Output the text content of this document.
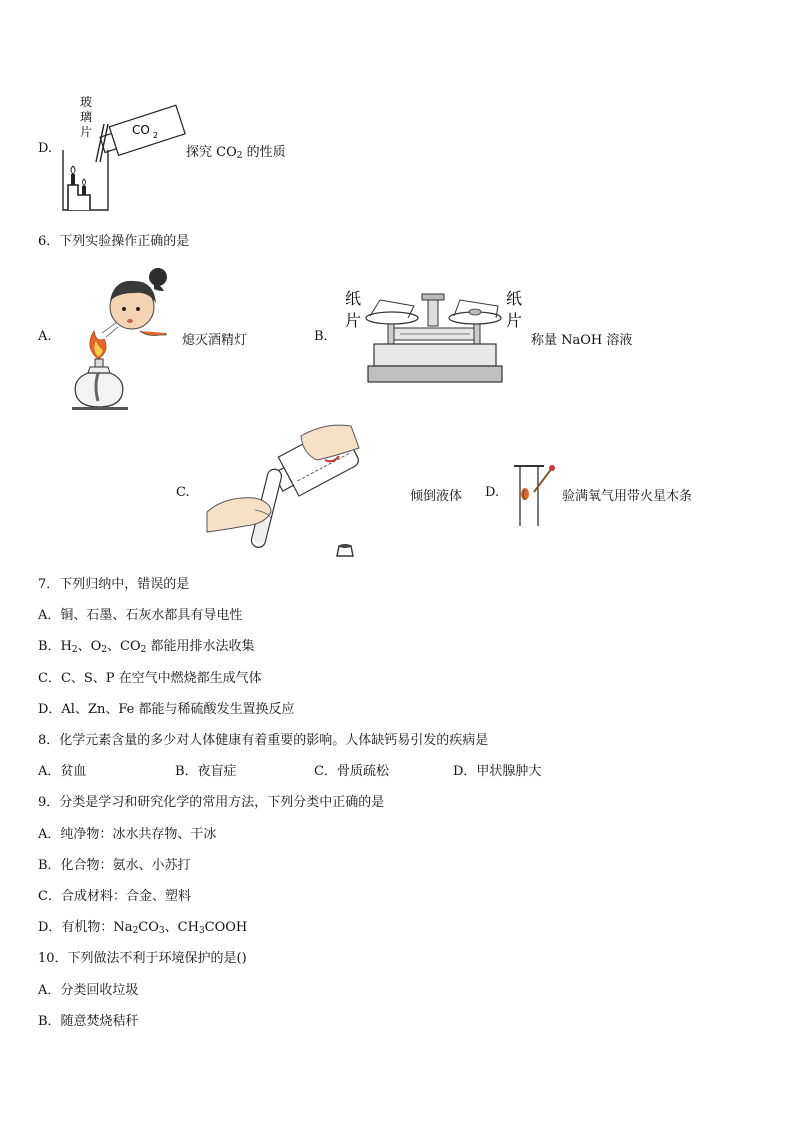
D.
玻
璃
片	CO 2
探究 $CO_2$ 的性质
6．下列实验操作正确的是
A.	熄灭酒精灯	B.
纸
片
纸
片
称量 NaOH 溶液
C.	倾倒液体 D.	验满氧气用带火星木条
7．下列归纳中，错误的是
A．铜、石墨、石灰水都具有导电性
B．$H_2$、$O_2$、$CO_2$ 都能用排水法收集
C．C、S、P 在空气中燃烧都生成气体
D．Al、Zn、Fe 都能与稀硫酸发生置换反应
8．化学元素含量的多少对人体健康有着重要的影响。人体缺钙易引发的疾病是
A．贫血	B．夜盲症	C．骨质疏松	D．甲状腺肿大
9．分类是学习和研究化学的常用方法，下列分类中正确的是
A．纯净物：冰水共存物、干冰
B．化合物：氨水、小苏打
C．合成材料：合金、塑料
D．有机物：$Na_2CO_3$、$CH_3COOH$
10．下列做法不利于环境保护的是()
A．分类回收垃圾
B．随意焚烧秸秆
